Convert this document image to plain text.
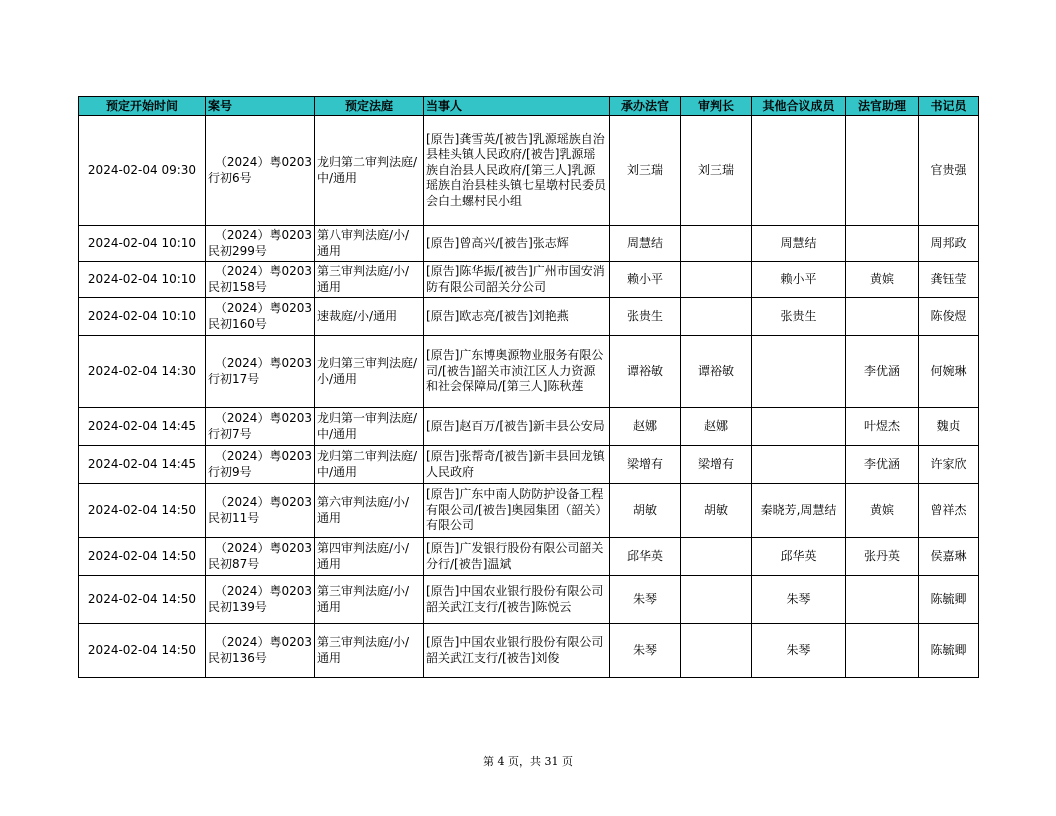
预定开始时间	案号	预定法庭	当事人	承办法官	审判长	其他合议成员	法官助理	书记员
2024-02-04 09:30	（2024）粤0203
行初6号	龙归第二审判法庭/中/通用	[原告]龚雪英/[被告]乳源瑶族自治县桂头镇人民政府/[被告]乳源瑶族自治县人民政府/[第三人]乳源瑶族自治县桂头镇七星墩村民委员会白土螺村民小组	刘三瑞	刘三瑞			官贵强
2024-02-04 10:10	（2024）粤0203
民初299号	第八审判法庭/小/通用	[原告]曾高兴/[被告]张志辉	周慧结		周慧结		周邦政
2024-02-04 10:10	（2024）粤0203
民初158号	第三审判法庭/小/通用	[原告]陈华振/[被告]广州市国安消防有限公司韶关分公司	赖小平		赖小平	黄嫔	龚钰莹
2024-02-04 10:10	（2024）粤0203
民初160号	速裁庭/小/通用	[原告]欧志亮/[被告]刘艳燕	张贵生		张贵生		陈俊煜
2024-02-04 14:30	（2024）粤0203
行初17号	龙归第三审判法庭/小/通用	[原告]广东博奥源物业服务有限公司/[被告]韶关市浈江区人力资源和社会保障局/[第三人]陈秋莲	谭裕敏	谭裕敏		李优涵	何婉琳
2024-02-04 14:45	（2024）粤0203
行初7号	龙归第一审判法庭/中/通用	[原告]赵百万/[被告]新丰县公安局	赵娜	赵娜		叶煜杰	魏贞
2024-02-04 14:45	（2024）粤0203
行初9号	龙归第二审判法庭/中/通用	[原告]张帮奇/[被告]新丰县回龙镇人民政府	梁增有	梁增有		李优涵	许家欣
2024-02-04 14:50	（2024）粤0203
民初11号	第六审判法庭/小/通用	[原告]广东中南人防防护设备工程有限公司/[被告]奥园集团（韶关）有限公司	胡敏	胡敏	秦晓芳,周慧结	黄嫔	曾祥杰
2024-02-04 14:50	（2024）粤0203
民初87号	第四审判法庭/小/通用	[原告]广发银行股份有限公司韶关分行/[被告]温斌	邱华英		邱华英	张丹英	侯嘉琳
2024-02-04 14:50	（2024）粤0203
民初139号	第三审判法庭/小/通用	[原告]中国农业银行股份有限公司韶关武江支行/[被告]陈悦云	朱琴		朱琴		陈毓卿
2024-02-04 14:50	（2024）粤0203
民初136号	第三审判法庭/小/通用	[原告]中国农业银行股份有限公司韶关武江支行/[被告]刘俊	朱琴		朱琴		陈毓卿
第 4 页，共 31 页
